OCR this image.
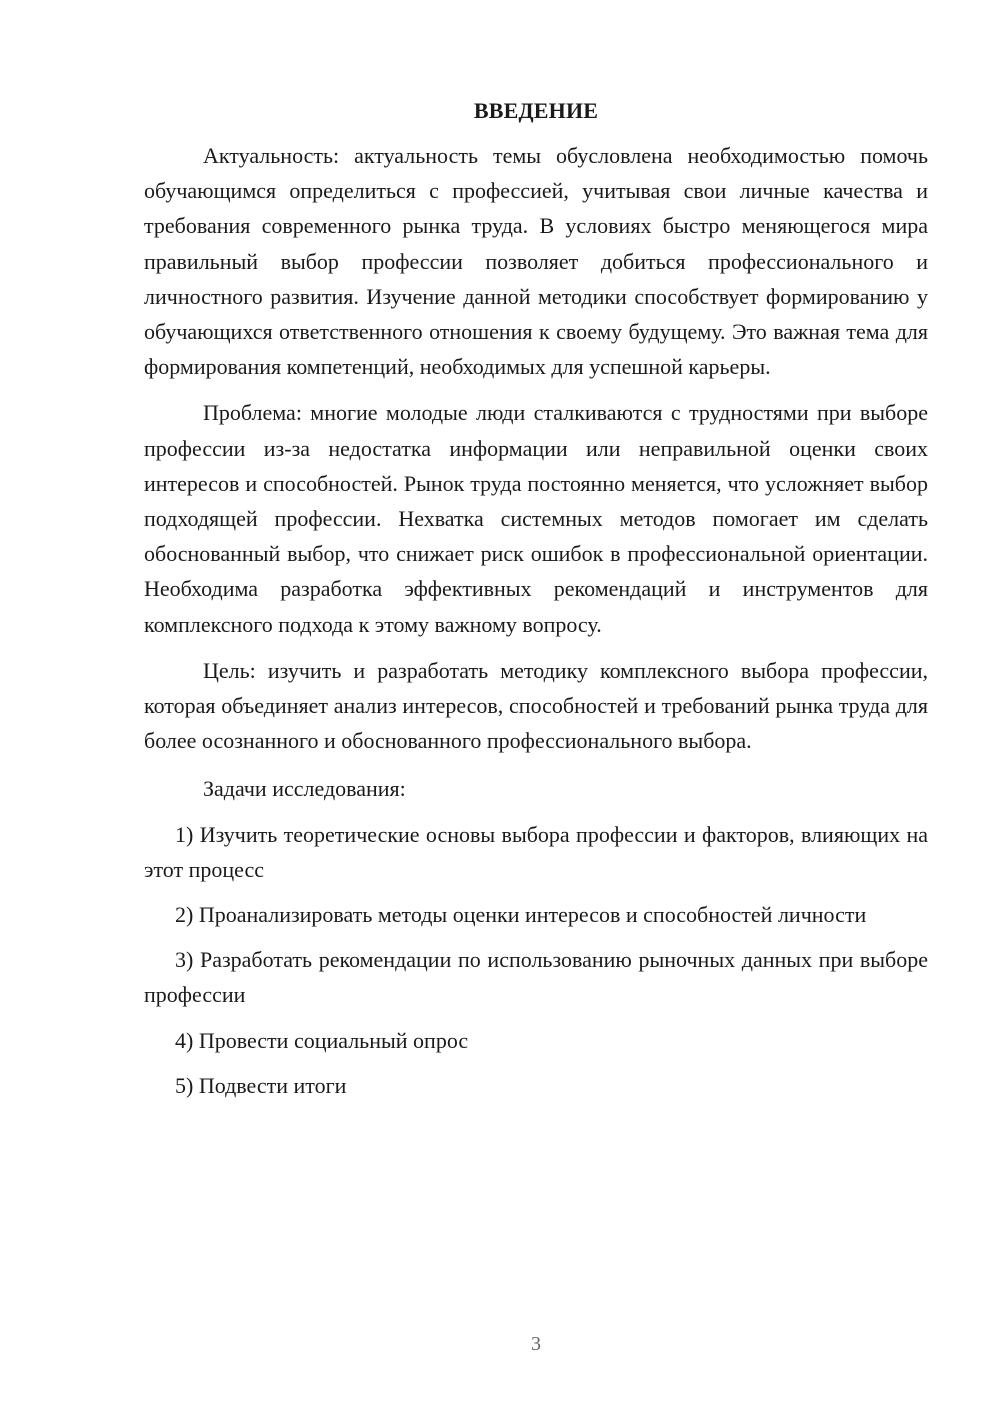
ВВЕДЕНИЕ

Актуальность: актуальность темы обусловлена необходимостью помочь обучающимся определиться с профессией, учитывая свои личные качества и требования современного рынка труда. В условиях быстро меняющегося мира правильный выбор профессии позволяет добиться профессионального и личностного развития. Изучение данной методики способствует формированию у обучающихся ответственного отношения к своему будущему. Это важная тема для формирования компетенций, необходимых для успешной карьеры.

Проблема: многие молодые люди сталкиваются с трудностями при выборе профессии из-за недостатка информации или неправильной оценки своих интересов и способностей. Рынок труда постоянно меняется, что усложняет выбор подходящей профессии. Нехватка системных методов помогает им сделать обоснованный выбор, что снижает риск ошибок в профессиональной ориентации. Необходима разработка эффективных рекомендаций и инструментов для комплексного подхода к этому важному вопросу.

Цель: изучить и разработать методику комплексного выбора профессии, которая объединяет анализ интересов, способностей и требований рынка труда для более осознанного и обоснованного профессионального выбора.

Задачи исследования:

1) Изучить теоретические основы выбора профессии и факторов, влияющих на этот процесс

2) Проанализировать методы оценки интересов и способностей личности

3) Разработать рекомендации по использованию рыночных данных при выборе профессии

4) Провести социальный опрос

5) Подвести итоги

3
